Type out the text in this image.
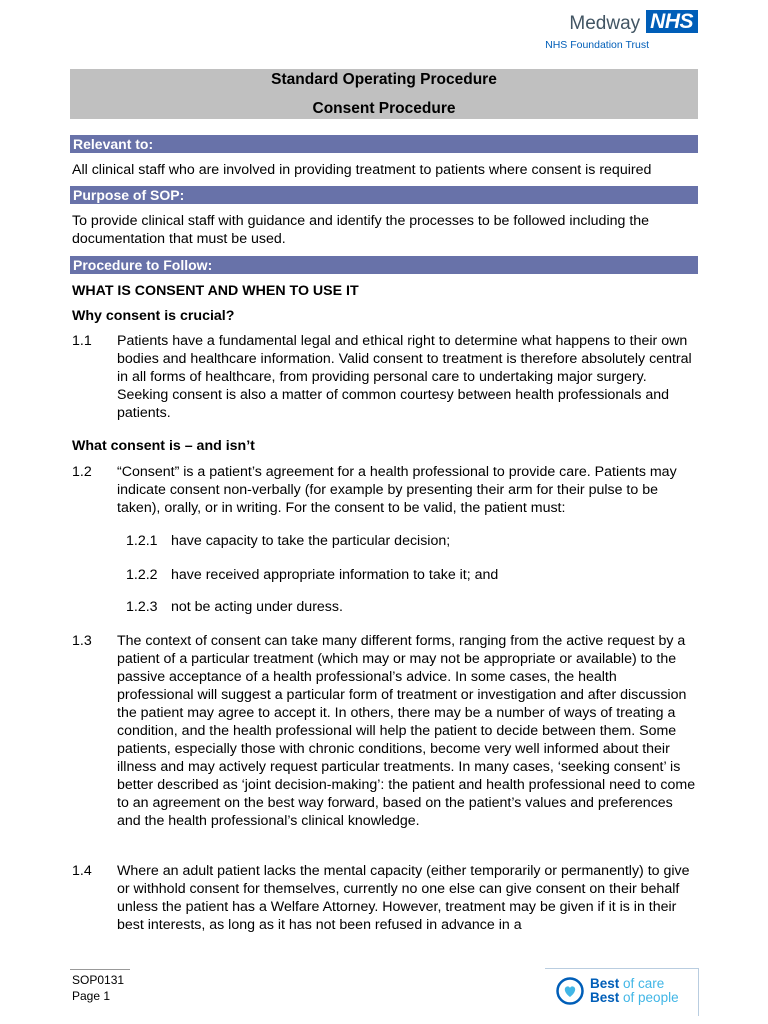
Medway NHS
NHS Foundation Trust
Standard Operating Procedure
Consent Procedure
Relevant to:
All clinical staff who are involved in providing treatment to patients where consent is required
Purpose of SOP:
To provide clinical staff with guidance and identify the processes to be followed including the documentation that must be used.
Procedure to Follow:
WHAT IS CONSENT AND WHEN TO USE IT
Why consent is crucial?
1.1 Patients have a fundamental legal and ethical right to determine what happens to their own bodies and healthcare information. Valid consent to treatment is therefore absolutely central in all forms of healthcare, from providing personal care to undertaking major surgery. Seeking consent is also a matter of common courtesy between health professionals and patients.
What consent is – and isn’t
1.2 “Consent” is a patient’s agreement for a health professional to provide care. Patients may indicate consent non-verbally (for example by presenting their arm for their pulse to be taken), orally, or in writing. For the consent to be valid, the patient must:
1.2.1 have capacity to take the particular decision;
1.2.2 have received appropriate information to take it; and
1.2.3 not be acting under duress.
1.3 The context of consent can take many different forms, ranging from the active request by a patient of a particular treatment (which may or may not be appropriate or available) to the passive acceptance of a health professional’s advice. In some cases, the health professional will suggest a particular form of treatment or investigation and after discussion the patient may agree to accept it. In others, there may be a number of ways of treating a condition, and the health professional will help the patient to decide between them. Some patients, especially those with chronic conditions, become very well informed about their illness and may actively request particular treatments. In many cases, ‘seeking consent’ is better described as ‘joint decision-making’: the patient and health professional need to come to an agreement on the best way forward, based on the patient’s values and preferences and the health professional’s clinical knowledge.
1.4 Where an adult patient lacks the mental capacity (either temporarily or permanently) to give or withhold consent for themselves, currently no one else can give consent on their behalf unless the patient has a Welfare Attorney. However, treatment may be given if it is in their best interests, as long as it has not been refused in advance in a
SOP0131
Page 1
Best of care
Best of people
